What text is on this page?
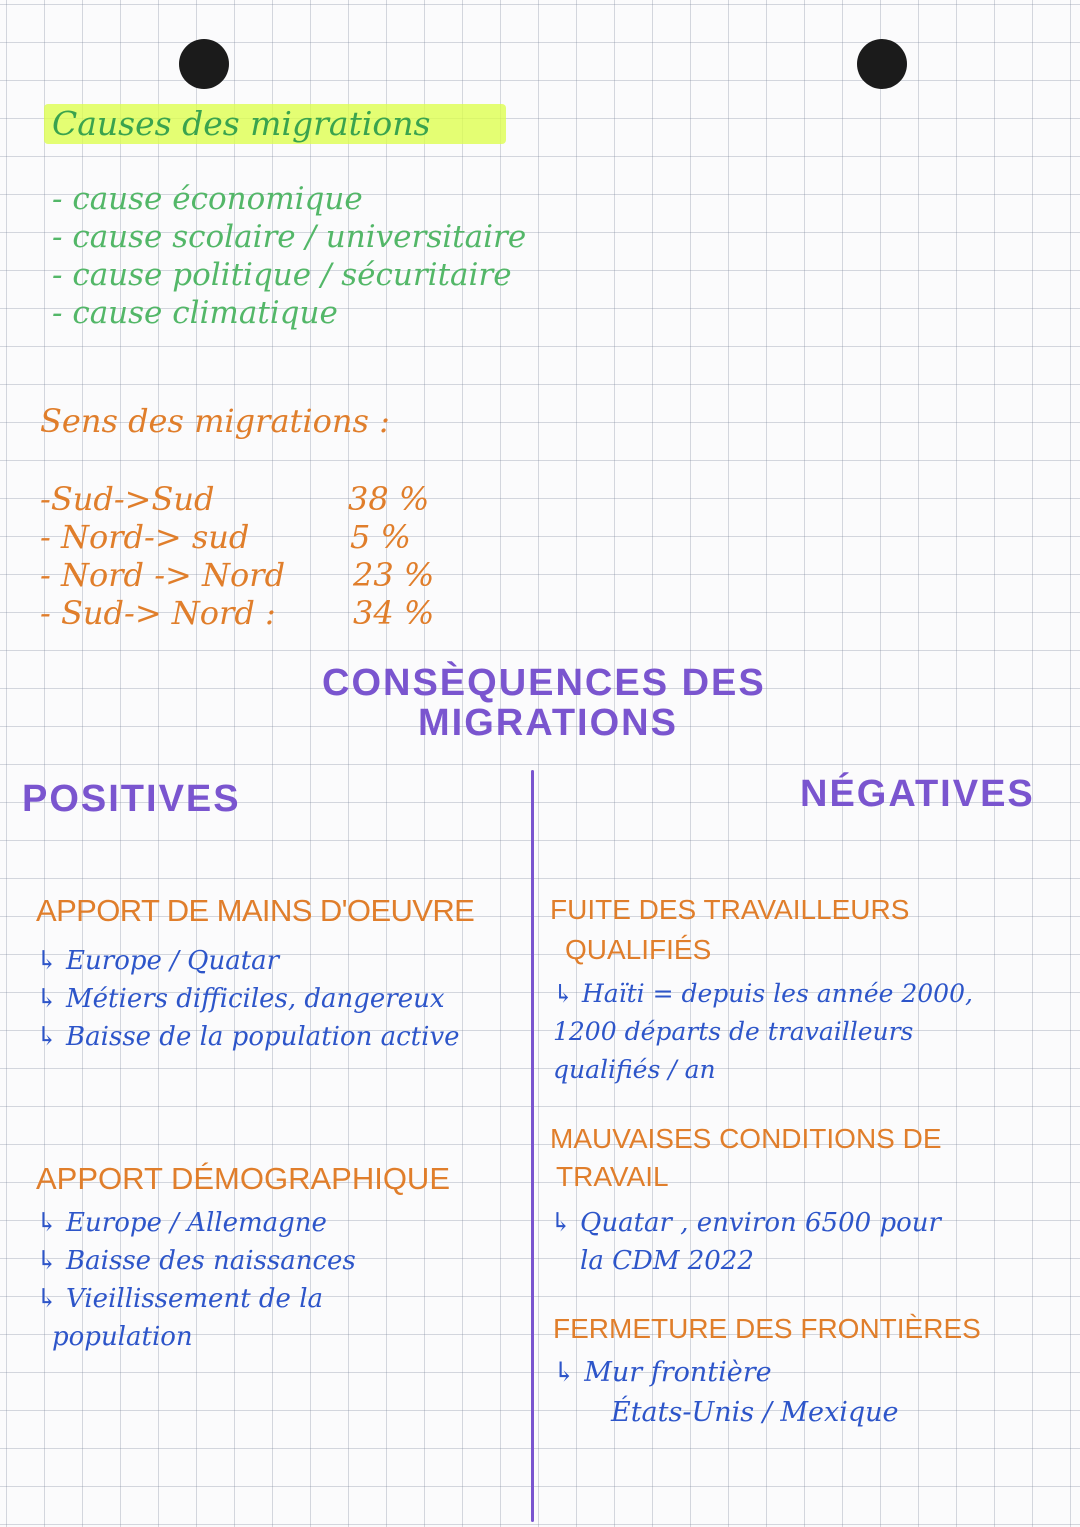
Causes des migrations
- cause économique
- cause scolaire / universitaire
- cause politique / sécuritaire
- cause climatique
Sens des migrations :
-Sud->Sud	38 %
- Nord-> sud	5 %
- Nord -> Nord 23 %
- Sud-> Nord : 34 %
CONSÈQUENCES DES
MIGRATIONS
POSITIVES	NÉGATIVES
APPORT DE MAINS D'OEUVRE
↳ Europe / Quatar
↳ Métiers difficiles, dangereux
↳ Baisse de la population active
APPORT DÉMOGRAPHIQUE
↳ Europe / Allemagne
↳ Baisse des naissances
↳ Vieillissement de la
population
FUITE DES TRAVAILLEURS
QUALIFIÉS
↳ Haïti = depuis les année 2000,
1200 départs de travailleurs
qualifiés / an
MAUVAISES CONDITIONS DE
TRAVAIL
↳ Quatar , environ 6500 pour
la CDM 2022
FERMETURE DES FRONTIÈRES
↳ Mur frontière
États-Unis / Mexique
